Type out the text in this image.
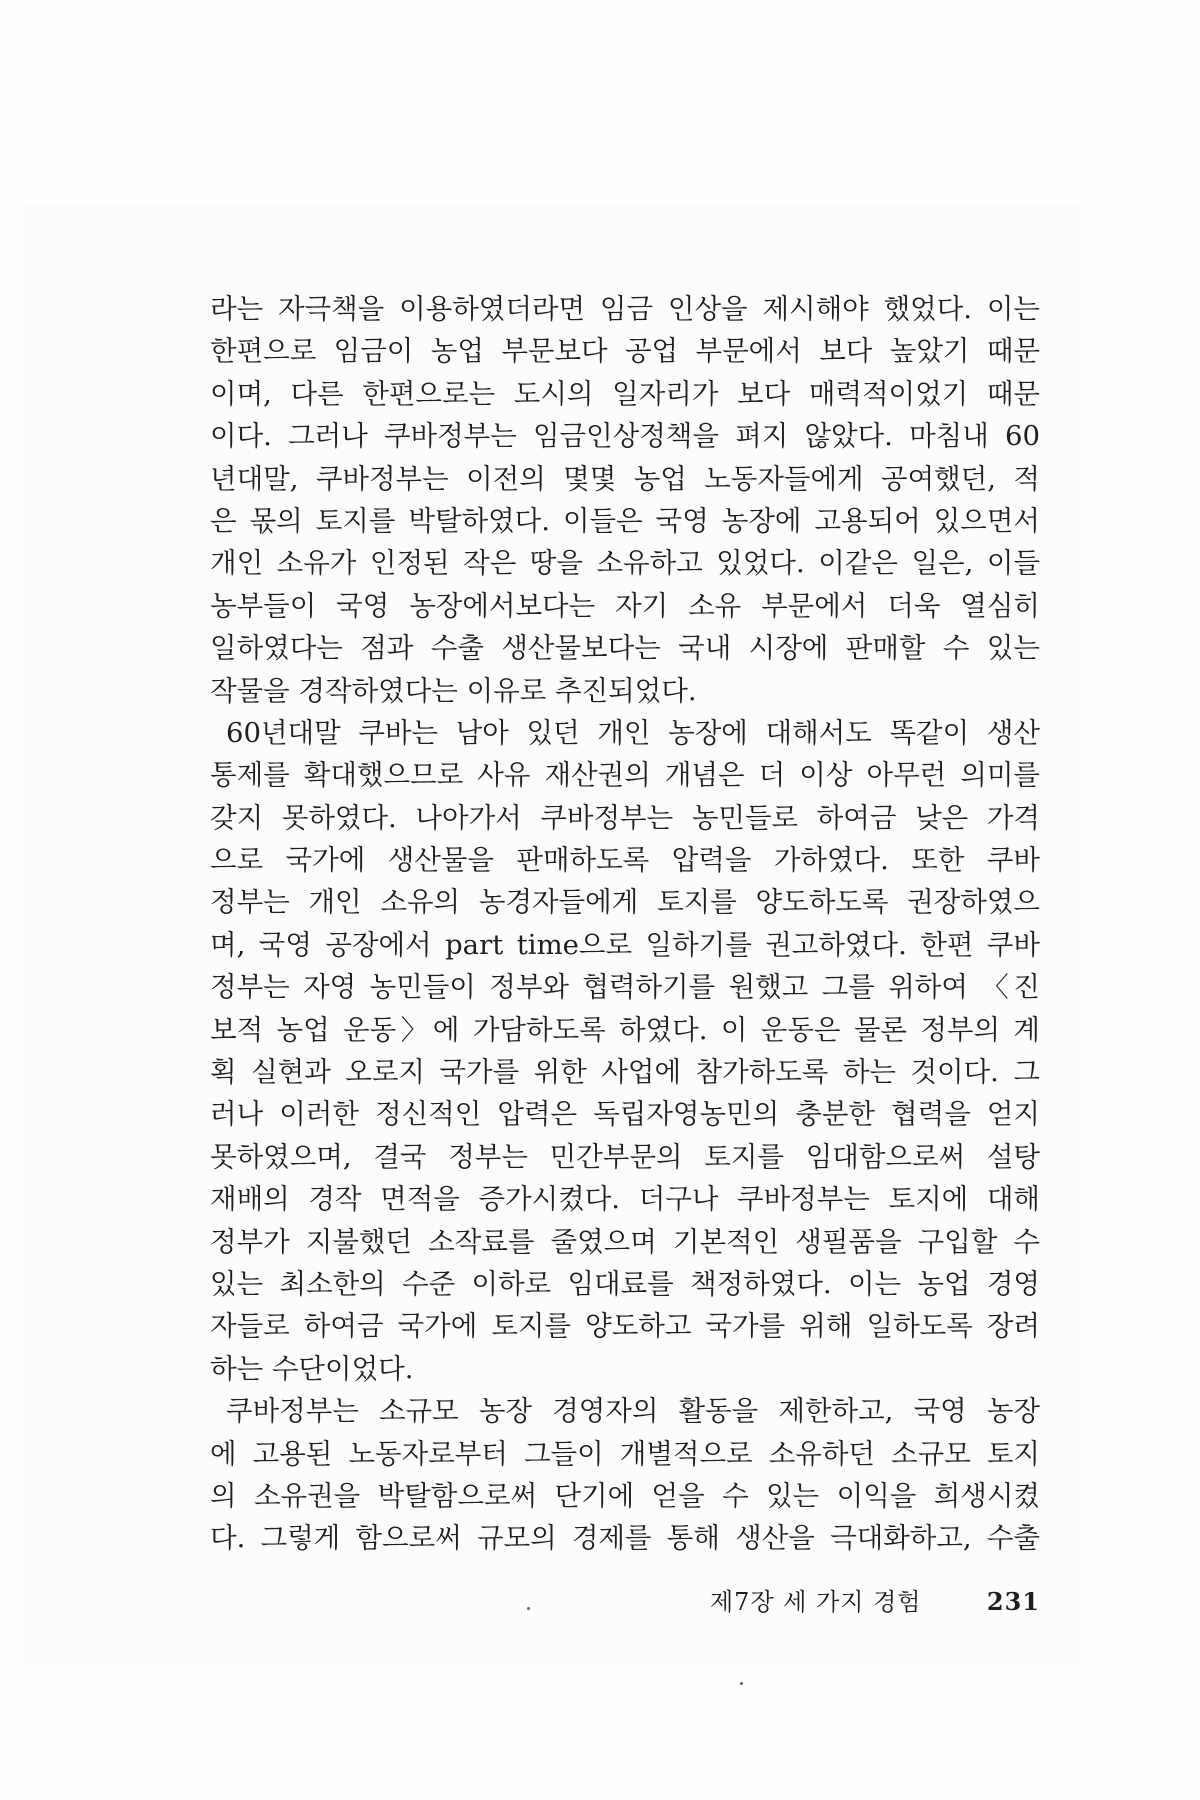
라는 자극책을 이용하였더라면 임금 인상을 제시해야 했었다. 이는
한편으로 임금이 농업 부문보다 공업 부문에서 보다 높았기 때문
이며, 다른 한편으로는 도시의 일자리가 보다 매력적이었기 때문
이다. 그러나 쿠바정부는 임금인상정책을 펴지 않았다. 마침내 60
년대말, 쿠바정부는 이전의 몇몇 농업 노동자들에게 공여했던, 적
은 몫의 토지를 박탈하였다. 이들은 국영 농장에 고용되어 있으면서
개인 소유가 인정된 작은 땅을 소유하고 있었다. 이같은 일은, 이들
농부들이 국영 농장에서보다는 자기 소유 부문에서 더욱 열심히
일하였다는 점과 수출 생산물보다는 국내 시장에 판매할 수 있는
작물을 경작하였다는 이유로 추진되었다.
60년대말 쿠바는 남아 있던 개인 농장에 대해서도 똑같이 생산
통제를 확대했으므로 사유 재산권의 개념은 더 이상 아무런 의미를
갖지 못하였다. 나아가서 쿠바정부는 농민들로 하여금 낮은 가격
으로 국가에 생산물을 판매하도록 압력을 가하였다. 또한 쿠바
정부는 개인 소유의 농경자들에게 토지를 양도하도록 권장하였으
며, 국영 공장에서 part time으로 일하기를 권고하였다. 한편 쿠바
정부는 자영 농민들이 정부와 협력하기를 원했고 그를 위하여 〈진
보적 농업 운동〉에 가담하도록 하였다. 이 운동은 물론 정부의 계
획 실현과 오로지 국가를 위한 사업에 참가하도록 하는 것이다. 그
러나 이러한 정신적인 압력은 독립자영농민의 충분한 협력을 얻지
못하였으며, 결국 정부는 민간부문의 토지를 임대함으로써 설탕
재배의 경작 면적을 증가시켰다. 더구나 쿠바정부는 토지에 대해
정부가 지불했던 소작료를 줄였으며 기본적인 생필품을 구입할 수
있는 최소한의 수준 이하로 임대료를 책정하였다. 이는 농업 경영
자들로 하여금 국가에 토지를 양도하고 국가를 위해 일하도록 장려
하는 수단이었다.
쿠바정부는 소규모 농장 경영자의 활동을 제한하고, 국영 농장
에 고용된 노동자로부터 그들이 개별적으로 소유하던 소규모 토지
의 소유권을 박탈함으로써 단기에 얻을 수 있는 이익을 희생시켰
다. 그렇게 함으로써 규모의 경제를 통해 생산을 극대화하고, 수출
제7장 세 가지 경험	231
